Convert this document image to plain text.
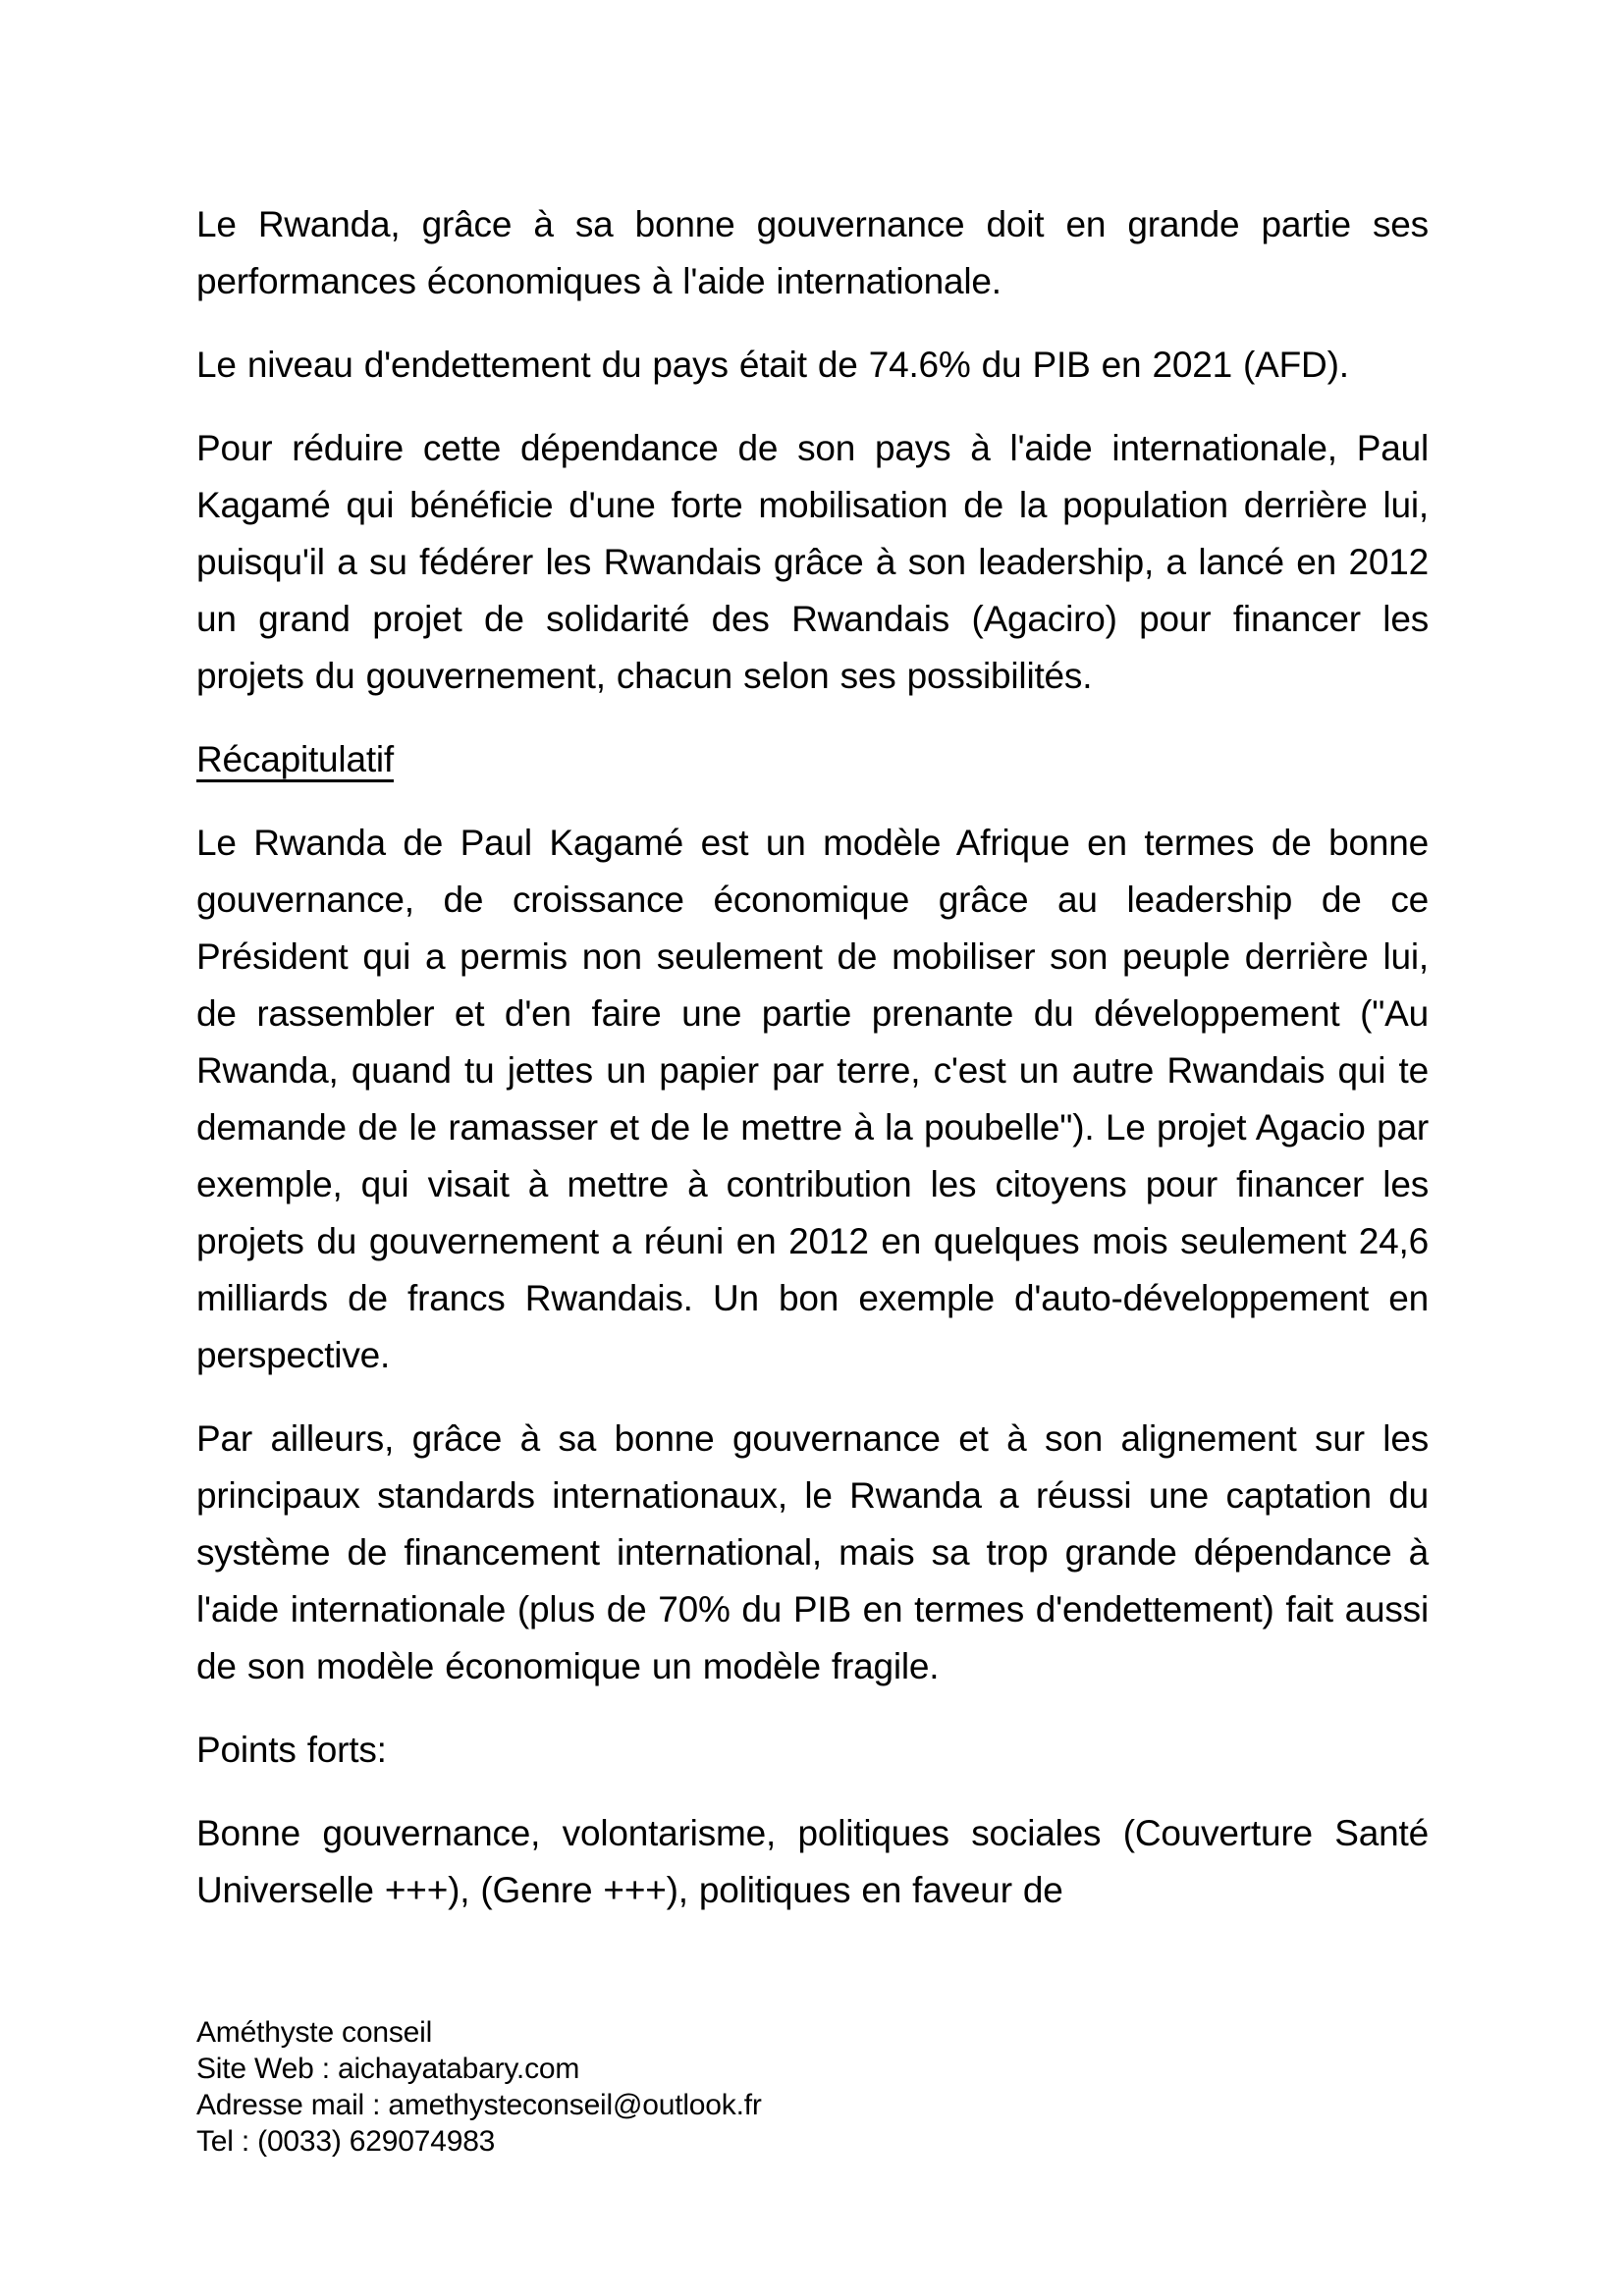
Le Rwanda, grâce à sa bonne gouvernance doit en grande partie ses performances économiques à l'aide internationale.

Le niveau d'endettement du pays était de 74.6% du PIB en 2021 (AFD).

Pour réduire cette dépendance de son pays à l'aide internationale, Paul Kagamé qui bénéficie d'une forte mobilisation de la population derrière lui, puisqu'il a su fédérer les Rwandais grâce à son leadership, a lancé en 2012 un grand projet de solidarité des Rwandais (Agaciro) pour financer les projets du gouvernement, chacun selon ses possibilités.

Récapitulatif

Le Rwanda de Paul Kagamé est un modèle Afrique en termes de bonne gouvernance, de croissance économique grâce au leadership de ce Président qui a permis non seulement de mobiliser son peuple derrière lui, de rassembler et d'en faire une partie prenante du développement ("Au Rwanda, quand tu jettes un papier par terre, c'est un autre Rwandais qui te demande de le ramasser et de le mettre à la poubelle"). Le projet Agacio par exemple, qui visait à mettre à contribution les citoyens pour financer les projets du gouvernement a réuni en 2012 en quelques mois seulement 24,6 milliards de francs Rwandais. Un bon exemple d'auto-développement en perspective.

Par ailleurs, grâce à sa bonne gouvernance et à son alignement sur les principaux standards internationaux, le Rwanda a réussi une captation du système de financement international, mais sa trop grande dépendance à l'aide internationale (plus de 70% du PIB en termes d'endettement) fait aussi de son modèle économique un modèle fragile.

Points forts:

Bonne gouvernance, volontarisme, politiques sociales (Couverture Santé Universelle +++), (Genre +++), politiques en faveur de

Améthyste conseil
Site Web : aichayatabary.com
Adresse mail : amethysteconseil@outlook.fr
Tel : (0033) 629074983
